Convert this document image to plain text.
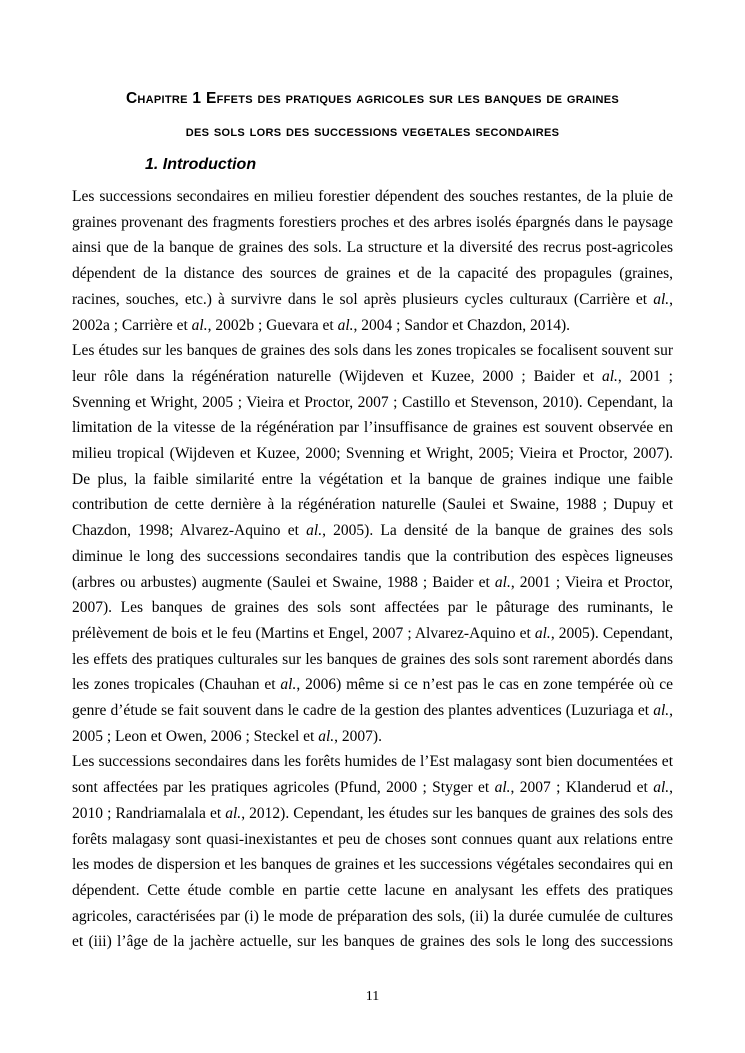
Chapitre 1 Effets des pratiques agricoles sur les banques de graines
des sols lors des successions vegetales secondaires
1. Introduction

Les successions secondaires en milieu forestier dépendent des souches restantes, de la pluie de graines provenant des fragments forestiers proches et des arbres isolés épargnés dans le paysage ainsi que de la banque de graines des sols. La structure et la diversité des recrus post-agricoles dépendent de la distance des sources de graines et de la capacité des propagules (graines, racines, souches, etc.) à survivre dans le sol après plusieurs cycles culturaux (Carrière et al., 2002a ; Carrière et al., 2002b ; Guevara et al., 2004 ; Sandor et Chazdon, 2014).

Les études sur les banques de graines des sols dans les zones tropicales se focalisent souvent sur leur rôle dans la régénération naturelle (Wijdeven et Kuzee, 2000 ; Baider et al., 2001 ; Svenning et Wright, 2005 ; Vieira et Proctor, 2007 ; Castillo et Stevenson, 2010). Cependant, la limitation de la vitesse de la régénération par l’insuffisance de graines est souvent observée en milieu tropical (Wijdeven et Kuzee, 2000; Svenning et Wright, 2005; Vieira et Proctor, 2007). De plus, la faible similarité entre la végétation et la banque de graines indique une faible contribution de cette dernière à la régénération naturelle (Saulei et Swaine, 1988 ; Dupuy et Chazdon, 1998; Alvarez-Aquino et al., 2005). La densité de la banque de graines des sols diminue le long des successions secondaires tandis que la contribution des espèces ligneuses (arbres ou arbustes) augmente (Saulei et Swaine, 1988 ; Baider et al., 2001 ; Vieira et Proctor, 2007). Les banques de graines des sols sont affectées par le pâturage des ruminants, le prélèvement de bois et le feu (Martins et Engel, 2007 ; Alvarez-Aquino et al., 2005). Cependant, les effets des pratiques culturales sur les banques de graines des sols sont rarement abordés dans les zones tropicales (Chauhan et al., 2006) même si ce n’est pas le cas en zone tempérée où ce genre d’étude se fait souvent dans le cadre de la gestion des plantes adventices (Luzuriaga et al., 2005 ; Leon et Owen, 2006 ; Steckel et al., 2007).

Les successions secondaires dans les forêts humides de l’Est malagasy sont bien documentées et sont affectées par les pratiques agricoles (Pfund, 2000 ; Styger et al., 2007 ; Klanderud et al., 2010 ; Randriamalala et al., 2012). Cependant, les études sur les banques de graines des sols des forêts malagasy sont quasi-inexistantes et peu de choses sont connues quant aux relations entre les modes de dispersion et les banques de graines et les successions végétales secondaires qui en dépendent. Cette étude comble en partie cette lacune en analysant les effets des pratiques agricoles, caractérisées par (i) le mode de préparation des sols, (ii) la durée cumulée de cultures et (iii) l’âge de la jachère actuelle, sur les banques de graines des sols le long des successions

11
